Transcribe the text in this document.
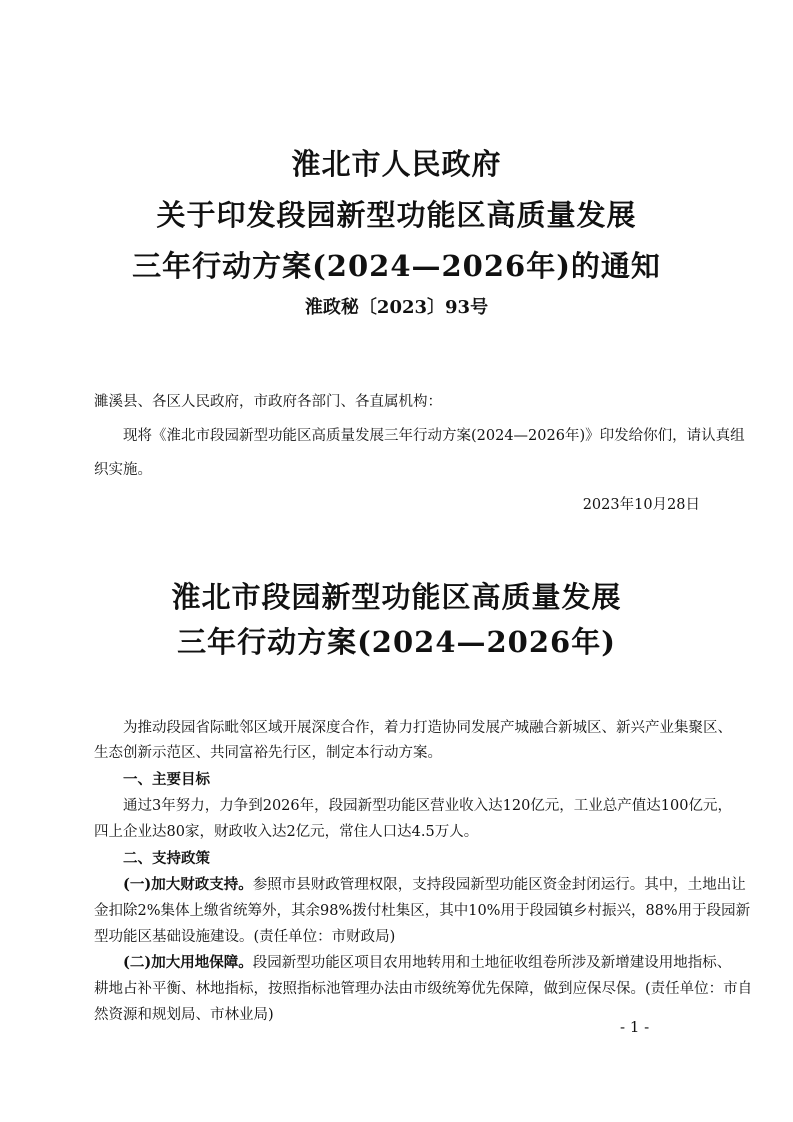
淮北市人民政府
关于印发段园新型功能区高质量发展
三年行动方案(2024—2026年)的通知
淮政秘〔2023〕93号
濉溪县、各区人民政府，市政府各部门、各直属机构：
现将《淮北市段园新型功能区高质量发展三年行动方案(2024—2026年)》印发给你们，请认真组
织实施。
2023年10月28日
淮北市段园新型功能区高质量发展
三年行动方案(2024—2026年)
为推动段园省际毗邻区域开展深度合作，着力打造协同发展产城融合新城区、新兴产业集聚区、
生态创新示范区、共同富裕先行区，制定本行动方案。
一、主要目标
通过3年努力，力争到2026年，段园新型功能区营业收入达120亿元，工业总产值达100亿元，
四上企业达80家，财政收入达2亿元，常住人口达4.5万人。
二、支持政策
(一)加大财政支持。参照市县财政管理权限，支持段园新型功能区资金封闭运行。其中，土地出让
金扣除2%集体上缴省统筹外，其余98%拨付杜集区，其中10%用于段园镇乡村振兴，88%用于段园新
型功能区基础设施建设。(责任单位：市财政局)
(二)加大用地保障。段园新型功能区项目农用地转用和土地征收组卷所涉及新增建设用地指标、
耕地占补平衡、林地指标，按照指标池管理办法由市级统筹优先保障，做到应保尽保。(责任单位：市自
然资源和规划局、市林业局)
- 1 -
